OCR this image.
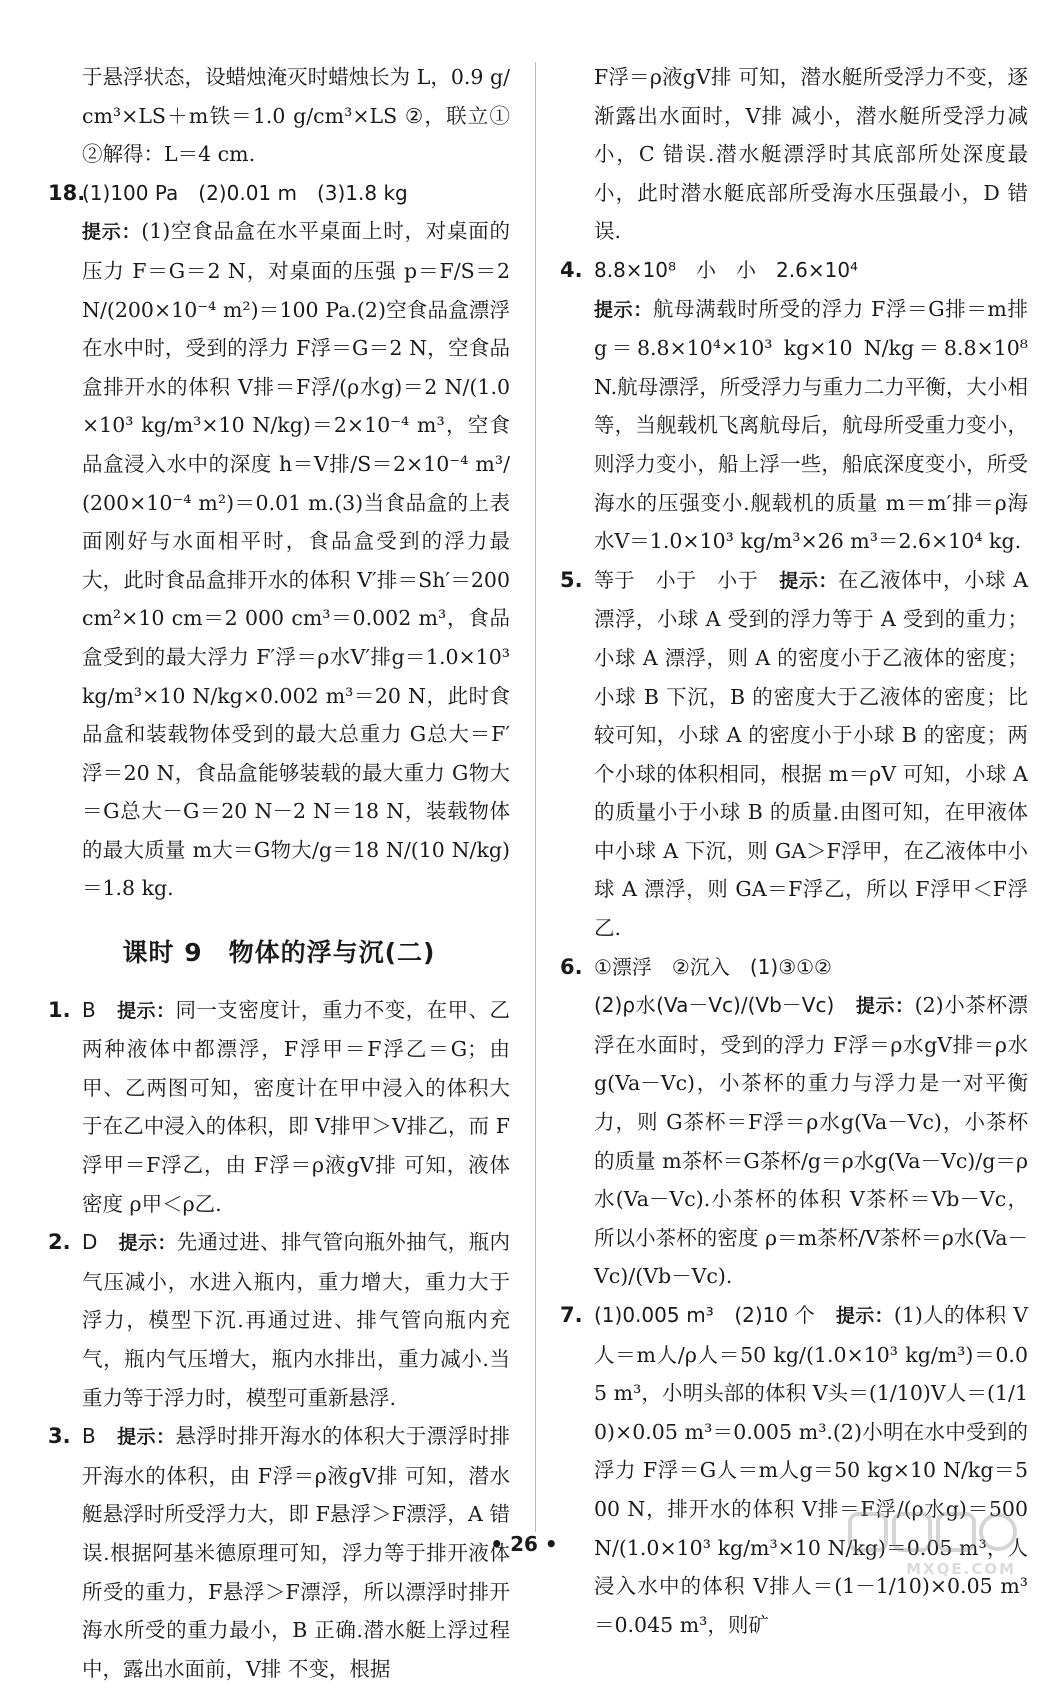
于悬浮状态，设蜡烛淹灭时蜡烛长为 L，0.9 g/cm³×LS＋m铁＝1.0 g/cm³×LS ②，联立①②解得：L＝4 cm.

18.
(1)100 Pa　(2)0.01 m　(3)1.8 kg
提示：(1)空食品盒在水平桌面上时，对桌面的压力 F＝G＝2 N，对桌面的压强 p＝F/S＝2 N/(200×10⁻⁴ m²)＝100 Pa.(2)空食品盒漂浮在水中时，受到的浮力 F浮＝G＝2 N，空食品盒排开水的体积 V排＝F浮/(ρ水g)＝2 N/(1.0×10³ kg/m³×10 N/kg)＝2×10⁻⁴ m³，空食品盒浸入水中的深度 h＝V排/S＝2×10⁻⁴ m³/(200×10⁻⁴ m²)＝0.01 m.(3)当食品盒的上表面刚好与水面相平时，食品盒受到的浮力最大，此时食品盒排开水的体积 V′排＝Sh′＝200 cm²×10 cm＝2 000 cm³＝0.002 m³，食品盒受到的最大浮力 F′浮＝ρ水V′排g＝1.0×10³ kg/m³×10 N/kg×0.002 m³＝20 N，此时食品盒和装载物体受到的最大总重力 G总大＝F′浮＝20 N，食品盒能够装载的最大重力 G物大＝G总大－G＝20 N－2 N＝18 N，装载物体的最大质量 m大＝G物大/g＝18 N/(10 N/kg)＝1.8 kg.
课时 9　物体的浮与沉(二)
1. B　 提示：同一支密度计，重力不变，在甲、乙两种液体中都漂浮，F浮甲＝F浮乙＝G；由甲、乙两图可知，密度计在甲中浸入的体积大于在乙中浸入的体积，即 V排甲＞V排乙，而 F浮甲＝F浮乙，由 F浮＝ρ液gV排 可知，液体密度 ρ甲＜ρ乙.
2. D　 提示：先通过进、排气管向瓶外抽气，瓶内气压减小，水进入瓶内，重力增大，重力大于浮力，模型下沉.再通过进、排气管向瓶内充气，瓶内气压增大，瓶内水排出，重力减小.当重力等于浮力时，模型可重新悬浮.
3. B　 提示：悬浮时排开海水的体积大于漂浮时排开海水的体积，由 F浮＝ρ液gV排 可知，潜水艇悬浮时所受浮力大，即 F悬浮＞F漂浮，A 错误.根据阿基米德原理可知，浮力等于排开液体所受的重力，F悬浮＞F漂浮，所以漂浮时排开海水所受的重力最小，B 正确.潜水艇上浮过程中，露出水面前，V排 不变，根据

F浮＝ρ液gV排 可知，潜水艇所受浮力不变，逐渐露出水面时，V排 减小，潜水艇所受浮力减小，C 错误.潜水艇漂浮时其底部所处深度最小，此时潜水艇底部所受海水压强最小，D 错误.

4. 8.8×10⁸　小　小　2.6×10⁴
提示：航母满载时所受的浮力 F浮＝G排＝m排g＝8.8×10⁴×10³ kg×10 N/kg＝8.8×10⁸ N.航母漂浮，所受浮力与重力二力平衡，大小相等，当舰载机飞离航母后，航母所受重力变小，则浮力变小，船上浮一些，船底深度变小，所受海水的压强变小.舰载机的质量 m＝m′排＝ρ海水V＝1.0×10³ kg/m³×26 m³＝2.6×10⁴ kg.
5. 等于　小于　小于　 提示：在乙液体中，小球 A 漂浮，小球 A 受到的浮力等于 A 受到的重力；小球 A 漂浮，则 A 的密度小于乙液体的密度；小球 B 下沉，B 的密度大于乙液体的密度；比较可知，小球 A 的密度小于小球 B 的密度；两个小球的体积相同，根据 m＝ρV 可知，小球 A 的质量小于小球 B 的质量.由图可知，在甲液体中小球 A 下沉，则 GA＞F浮甲，在乙液体中小球 A 漂浮，则 GA＝F浮乙，所以 F浮甲＜F浮乙.
6. ①漂浮　②沉入　(1)③①②
(2)ρ水(Va－Vc)/(Vb－Vc)　 提示：(2)小茶杯漂浮在水面时，受到的浮力 F浮＝ρ水gV排＝ρ水g(Va－Vc)，小茶杯的重力与浮力是一对平衡力，则 G茶杯＝F浮＝ρ水g(Va－Vc)，小茶杯的质量 m茶杯＝G茶杯/g＝ρ水g(Va－Vc)/g＝ρ水(Va－Vc).小茶杯的体积 V茶杯＝Vb－Vc，所以小茶杯的密度 ρ＝m茶杯/V茶杯＝ρ水(Va－Vc)/(Vb－Vc).
7. (1)0.005 m³　(2)10 个　 提示：(1)人的体积 V人＝m人/ρ人＝50 kg/(1.0×10³ kg/m³)＝0.05 m³，小明头部的体积 V头＝(1/10)V人＝(1/10)×0.05 m³＝0.005 m³.(2)小明在水中受到的浮力 F浮＝G人＝m人g＝50 kg×10 N/kg＝500 N，排开水的体积 V排＝F浮/(ρ水g)＝500 N/(1.0×10³ kg/m³×10 N/kg)＝0.05 m³，人浸入水中的体积 V排人＝(1－1/10)×0.05 m³＝0.045 m³，则矿
• 26 •
MXQE.COM
